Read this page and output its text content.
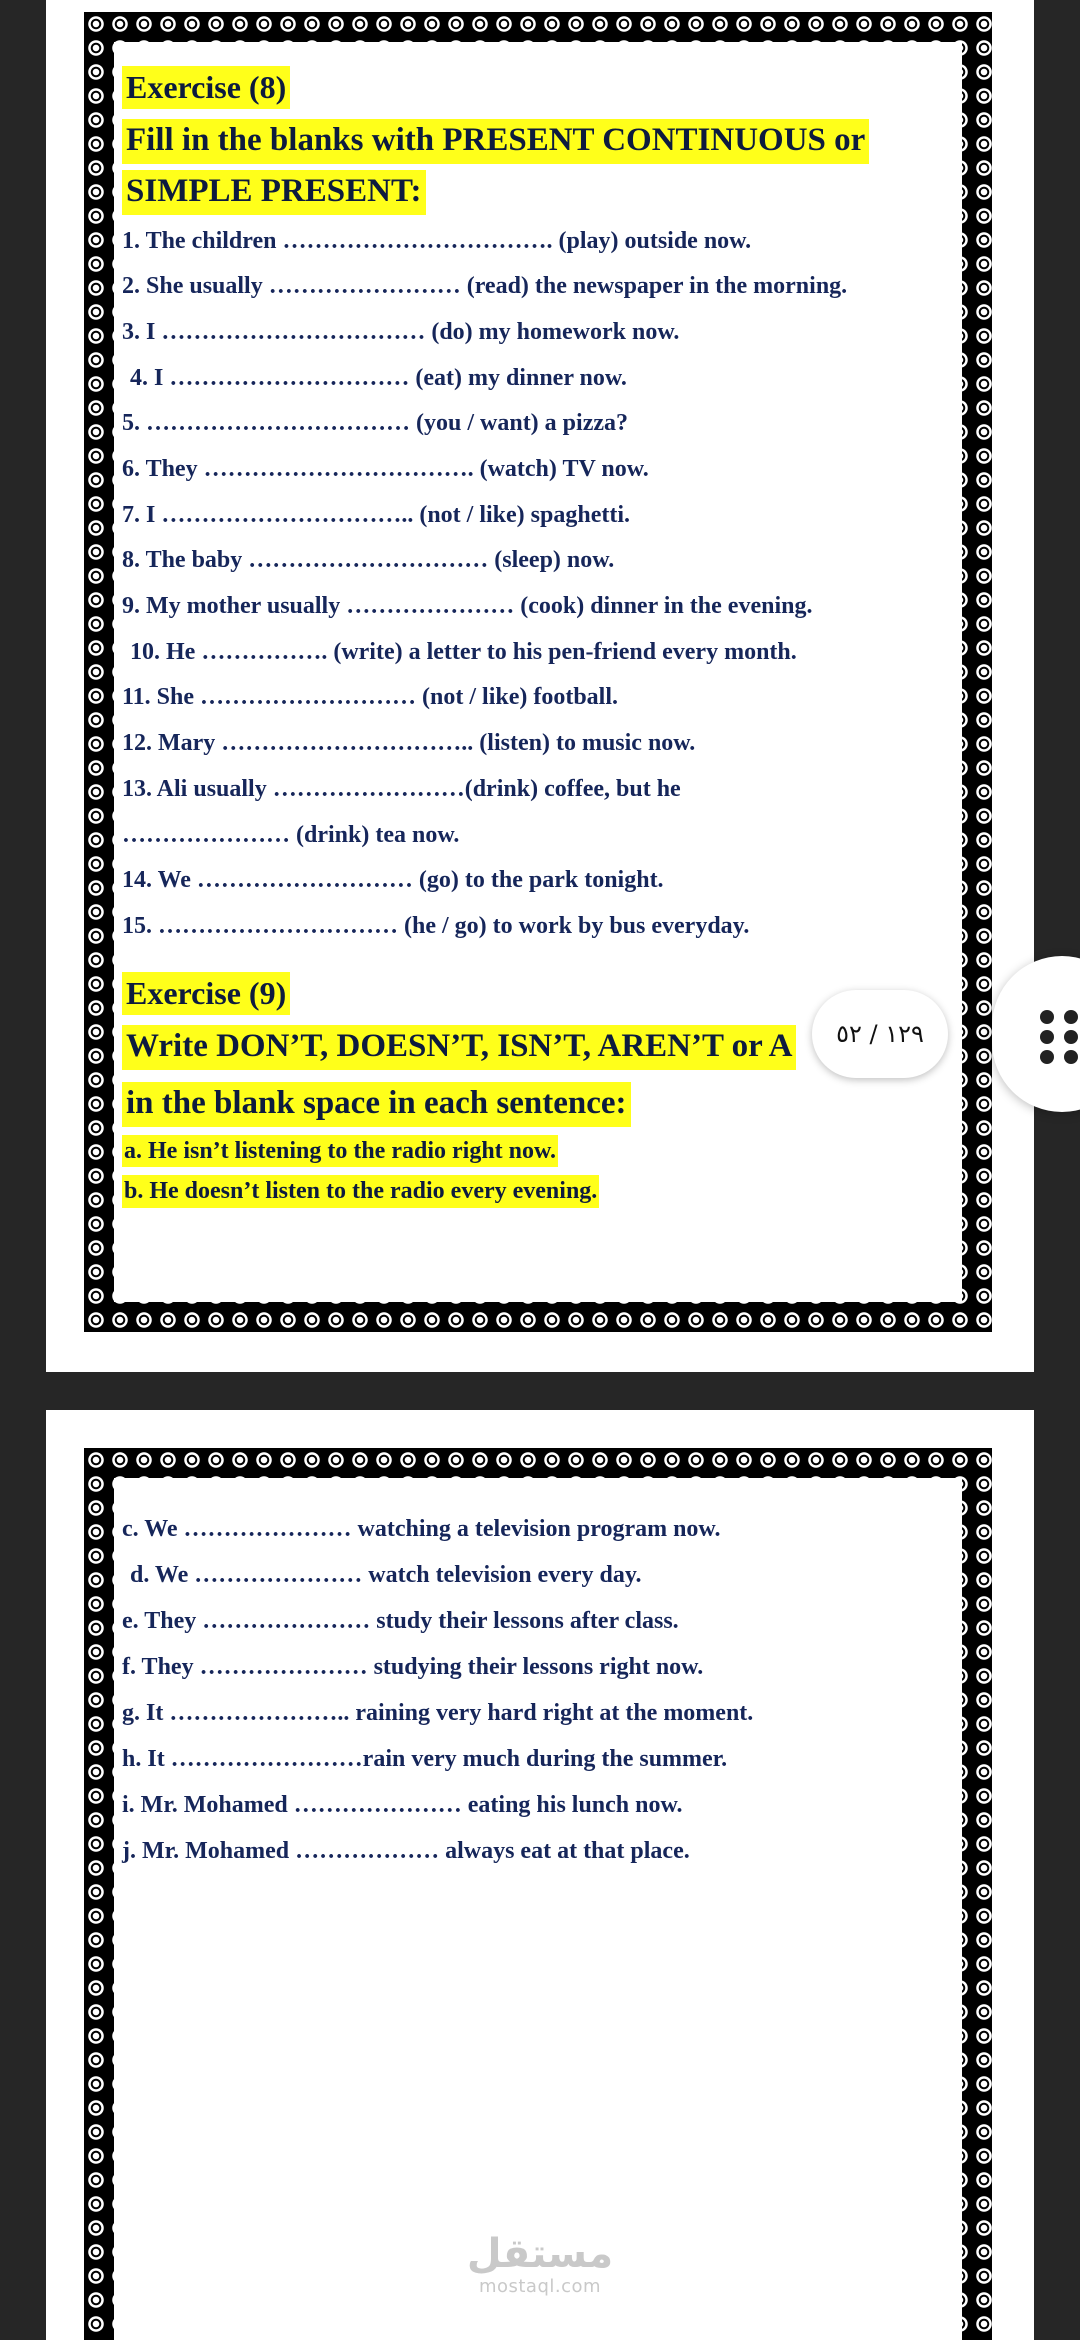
Exercise (8)
Fill in the blanks with PRESENT CONTINUOUS or
SIMPLE PRESENT:
1. The children ……………………………. (play) outside now.
2. She usually …………………… (read) the newspaper in the morning.
3. I …………………………… (do) my homework now.
4. I ………………………… (eat) my dinner now.
5. …………………………… (you / want) a pizza?
6. They ……………………………. (watch) TV now.
7. I ………………………….. (not / like) spaghetti.
8. The baby ………………………… (sleep) now.
9. My mother usually ………………… (cook) dinner in the evening.
10. He ……………. (write) a letter to his pen-friend every month.
11. She ……………………… (not / like) football.
12. Mary ………………………….. (listen) to music now.
13. Ali usually ……………………(drink) coffee, but he
………………… (drink) tea now.
14. We ……………………… (go) to the park tonight.
15. ………………………… (he / go) to work by bus everyday.
Exercise (9)
Write DON’T, DOESN’T, ISN’T, AREN’T or A
in the blank space in each sentence:
a. He isn’t listening to the radio right now.
b. He doesn’t listen to the radio every evening.
c. We ………………… watching a television program now.
d. We ………………… watch television every day.
e. They ………………… study their lessons after class.
f. They ………………… studying their lessons right now.
g. It ………………….. raining very hard right at the moment.
h. It ……………………rain very much during the summer.
i. Mr. Mohamed ………………… eating his lunch now.
j. Mr. Mohamed ……………… always eat at that place.
١٢٩ / ٥٢
مستقل
mostaql.com
